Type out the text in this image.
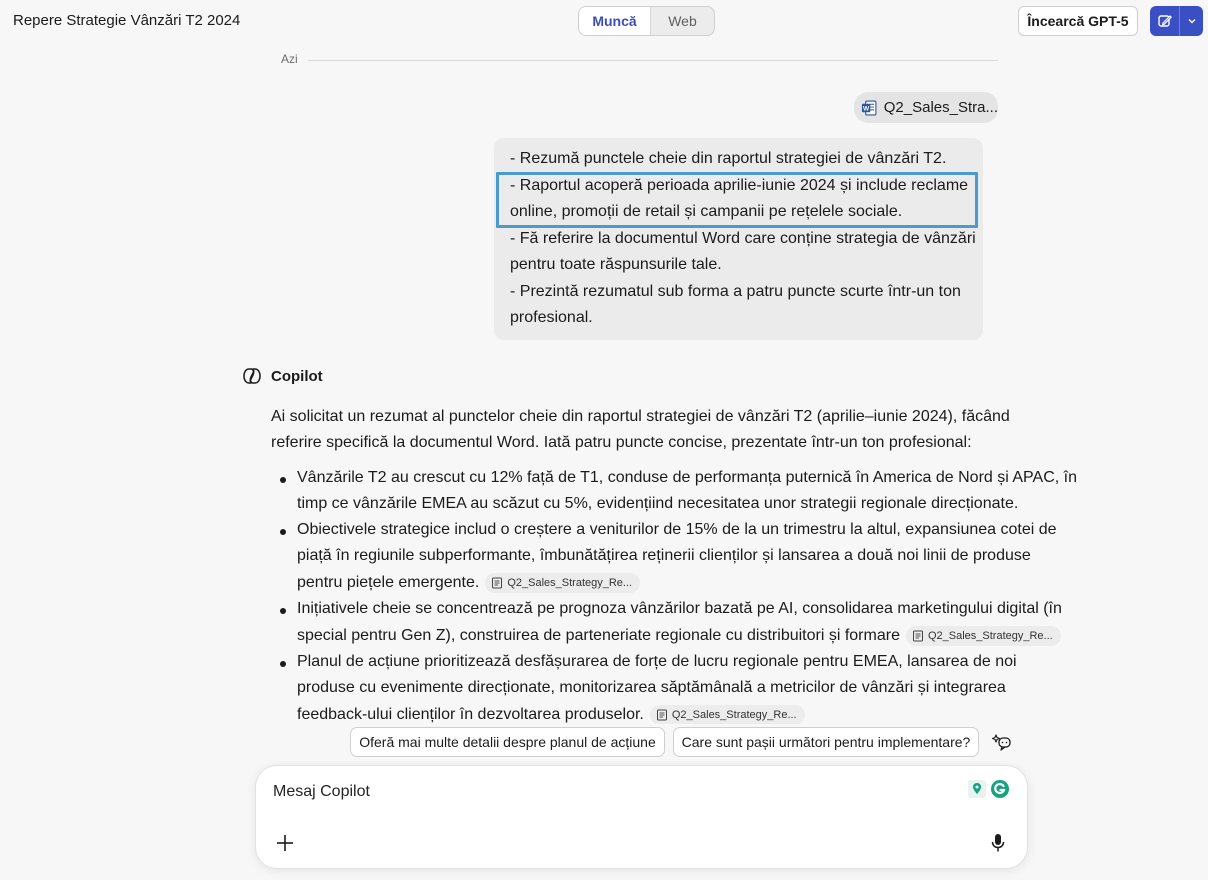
Repere Strategie Vânzări T2 2024	Muncă	Web	Încearcă GPT-5
Azi
W Q2_Sales_Stra...
- Rezumă punctele cheie din raportul strategiei de vânzări T2.
- Raportul acoperă perioada aprilie-iunie 2024 și include reclame
online, promoții de retail și campanii pe rețelele sociale.
- Fă referire la documentul Word care conține strategia de vânzări
pentru toate răspunsurile tale.
- Prezintă rezumatul sub forma a patru puncte scurte într-un ton
profesional.
Copilot
Ai solicitat un rezumat al punctelor cheie din raportul strategiei de vânzări T2 (aprilie–iunie 2024), făcând
referire specifică la documentul Word. Iată patru puncte concise, prezentate într-un ton profesional:
Vânzările T2 au crescut cu 12% față de T1, conduse de performanța puternică în America de Nord și APAC, în
timp ce vânzările EMEA au scăzut cu 5%, evidențiind necesitatea unor strategii regionale direcționate.
Obiectivele strategice includ o creștere a veniturilor de 15% de la un trimestru la altul, expansiunea cotei de
piață în regiunile subperformante, îmbunătățirea reținerii clienților și lansarea a două noi linii de produse
pentru piețele emergente.	Q2_Sales_Strategy_Re...
Inițiativele cheie se concentrează pe prognoza vânzărilor bazată pe AI, consolidarea marketingului digital (în
special pentru Gen Z), construirea de parteneriate regionale cu distribuitori și formare	Q2_Sales_Strategy_Re...
Planul de acțiune prioritizează desfășurarea de forțe de lucru regionale pentru EMEA, lansarea de noi
produse cu evenimente direcționate, monitorizarea săptămânală a metricilor de vânzări și integrarea
feedback-ului clienților în dezvoltarea produselor.	Q2_Sales_Strategy_Re...
Oferă mai multe detalii despre planul de acțiune	Care sunt pașii următori pentru implementare?
Mesaj Copilot
